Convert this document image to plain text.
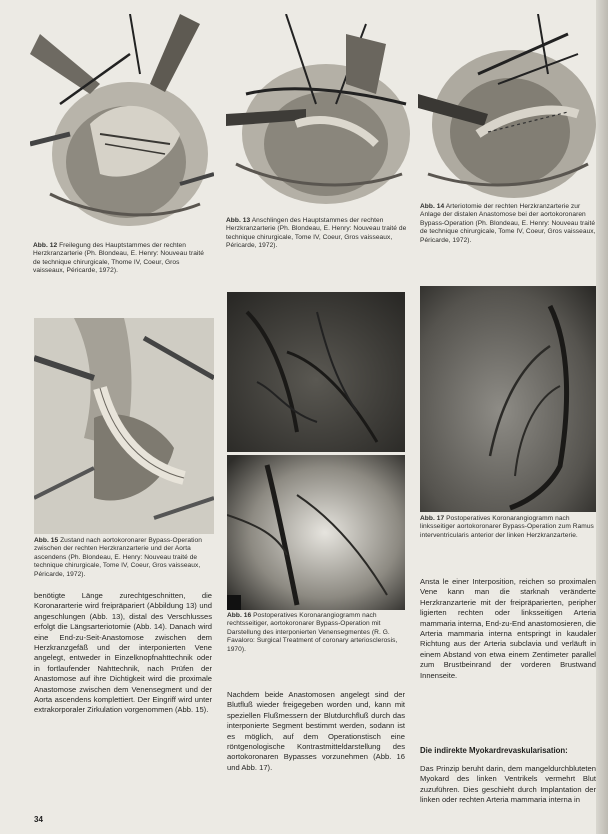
Abb. 12 Freilegung des Hauptstammes der rechten Herzkranzarterie (Ph. Blondeau, E. Henry: Nouveau traité de technique chirurgicale, Thome IV, Coeur, Gros vaisseaux, Péricarde, 1972).

Abb. 13 Anschlingen des Hauptstammes der rechten Herzkranzarterie (Ph. Blondeau, E. Henry: Nouveau traité de technique chirurgicale, Tome IV, Coeur, Gros vaisseaux, Péricarde, 1972).

Abb. 14 Arteriotomie der rechten Herzkranzarterie zur Anlage der distalen Anastomose bei der aortokoronaren Bypass-Operation (Ph. Blondeau, E. Henry: Nouveau traité de technique chirurgicale, Tome IV, Coeur, Gros vaisseaux, Péricarde, 1972).

Abb. 15 Zustand nach aortokoronarer Bypass-Operation zwischen der rechten Herzkranzarterie und der Aorta ascendens (Ph. Blondeau, E. Henry: Nouveau traité de technique chirurgicale, Tome IV, Coeur, Gros vaisseaux, Péricarde, 1972).

Abb. 16 Postoperatives Koronarangiogramm nach rechtsseitiger, aortokoronarer Bypass-Operation mit Darstellung des interponierten Venensegmentes (R. G. Favaloro: Surgical Treatment of coronary arteriosclerosis, 1970).

Abb. 17 Postoperatives Koronarangiogramm nach linksseitiger aortokoronarer Bypass-Operation zum Ramus interventricularis anterior der linken Herzkranzarterie.

benötigte Länge zurechtgeschnitten, die Koronararterie wird freipräpariert (Abbildung 13) und angeschlungen (Abb. 13), distal des Verschlusses erfolgt die Längsarteriotomie (Abb. 14). Danach wird eine End-zu-Seit-Anastomose zwischen dem Herzkranzgefäß und der interponierten Vene angelegt, entweder in Einzelknopfnahttechnik oder in fortlaufender Nahttechnik, nach Prüfen der Anastomose auf ihre Dichtigkeit wird die proximale Anastomose zwischen dem Venensegment und der Aorta ascendens komplettiert. Der Eingriff wird unter extrakorporaler Zirkulation vorgenommen (Abb. 15).

Nachdem beide Anastomosen angelegt sind der Blutfluß wieder freigegeben worden und, kann mit speziellen Flußmessern der Blutdurchfluß durch das interponierte Segment bestimmt werden, sodann ist es möglich, auf dem Operationstisch eine röntgenologische Kontrastmitteldarstellung des aortokoronaren Bypasses vorzunehmen (Abb. 16 und Abb. 17).

Ansta le einer Interposition, reichen so proximalen Vene kann man die starknah veränderte Herzkranzarterie mit der freipräparierten, peripher ligierten rechten oder linksseitigen Arteria mammaria interna, End-zu-End anastomosieren, die Arteria mammaria interna entspringt in kaudaler Richtung aus der Arteria subclavia und verläuft in einem Abstand von etwa einem Zentimeter parallel zum Brustbeinrand der vorderen Brustwand Innenseite.

Die indirekte Myokardrevaskularisation:

Das Prinzip beruht darin, dem mangeldurchbluteten Myokard des linken Ventrikels vermehrt Blut zuzuführen. Dies geschieht durch Implantation der linken oder rechten Arteria mammaria interna in

34
